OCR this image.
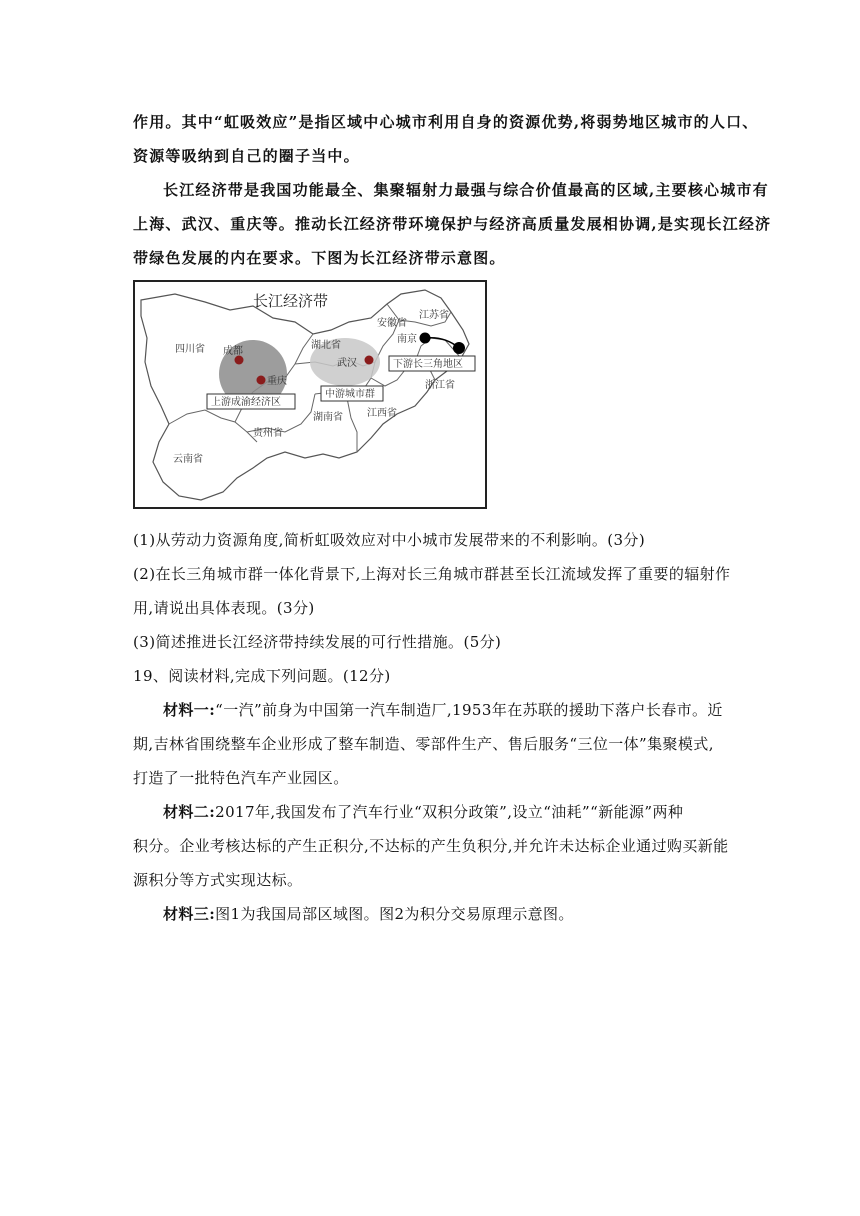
作用。其中“虹吸效应”是指区域中心城市利用自身的资源优势,将弱势地区城市的人口、
资源等吸纳到自己的圈子当中。
长江经济带是我国功能最全、集聚辐射力最强与综合价值最高的区域,主要核心城市有
上海、武汉、重庆等。推动长江经济带环境保护与经济高质量发展相协调,是实现长江经济
带绿色发展的内在要求。下图为长江经济带示意图。
长江经济带
四川省
云南省
贵州省
湖北省
湖南省 江西省
安徽省
江苏省
浙江省
成都
重庆
武汉
南京
上游成渝经济区
中游城市群
下游长三角地区
(1)从劳动力资源角度,简析虹吸效应对中小城市发展带来的不利影响。(3分)
(2)在长三角城市群一体化背景下,上海对长三角城市群甚至长江流域发挥了重要的辐射作
用,请说出具体表现。(3分)
(3)简述推进长江经济带持续发展的可行性措施。(5分)
19、阅读材料,完成下列问题。(12分)
材料一:“一汽”前身为中国第一汽车制造厂,1953年在苏联的援助下落户长春市。近
期,吉林省围绕整车企业形成了整车制造、零部件生产、售后服务“三位一体”集聚模式,
打造了一批特色汽车产业园区。
材料二:2017年,我国发布了汽车行业“双积分政策”,设立“油耗”“新能源”两种
积分。企业考核达标的产生正积分,不达标的产生负积分,并允许未达标企业通过购买新能
源积分等方式实现达标。
材料三:图1为我国局部区域图。图2为积分交易原理示意图。
